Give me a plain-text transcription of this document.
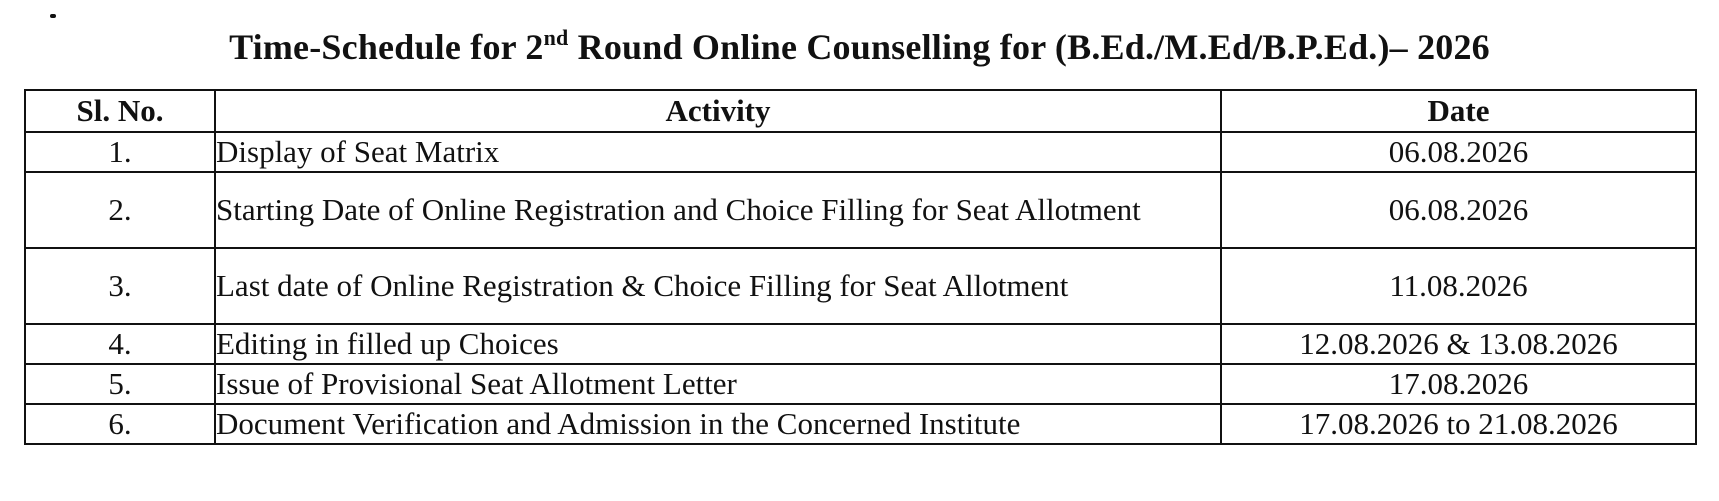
Time-Schedule for 2nd Round Online Counselling for (B.Ed./M.Ed/B.P.Ed.)– 2026
Sl. No.	Activity	Date
1.	Display of Seat Matrix	06.08.2026
2.	Starting Date of Online Registration and Choice Filling for Seat Allotment	06.08.2026
3.	Last date of Online Registration & Choice Filling for Seat Allotment	11.08.2026
4.	Editing in filled up Choices	12.08.2026 & 13.08.2026
5.	Issue of Provisional Seat Allotment Letter	17.08.2026
6.	Document Verification and Admission in the Concerned Institute	17.08.2026 to 21.08.2026
